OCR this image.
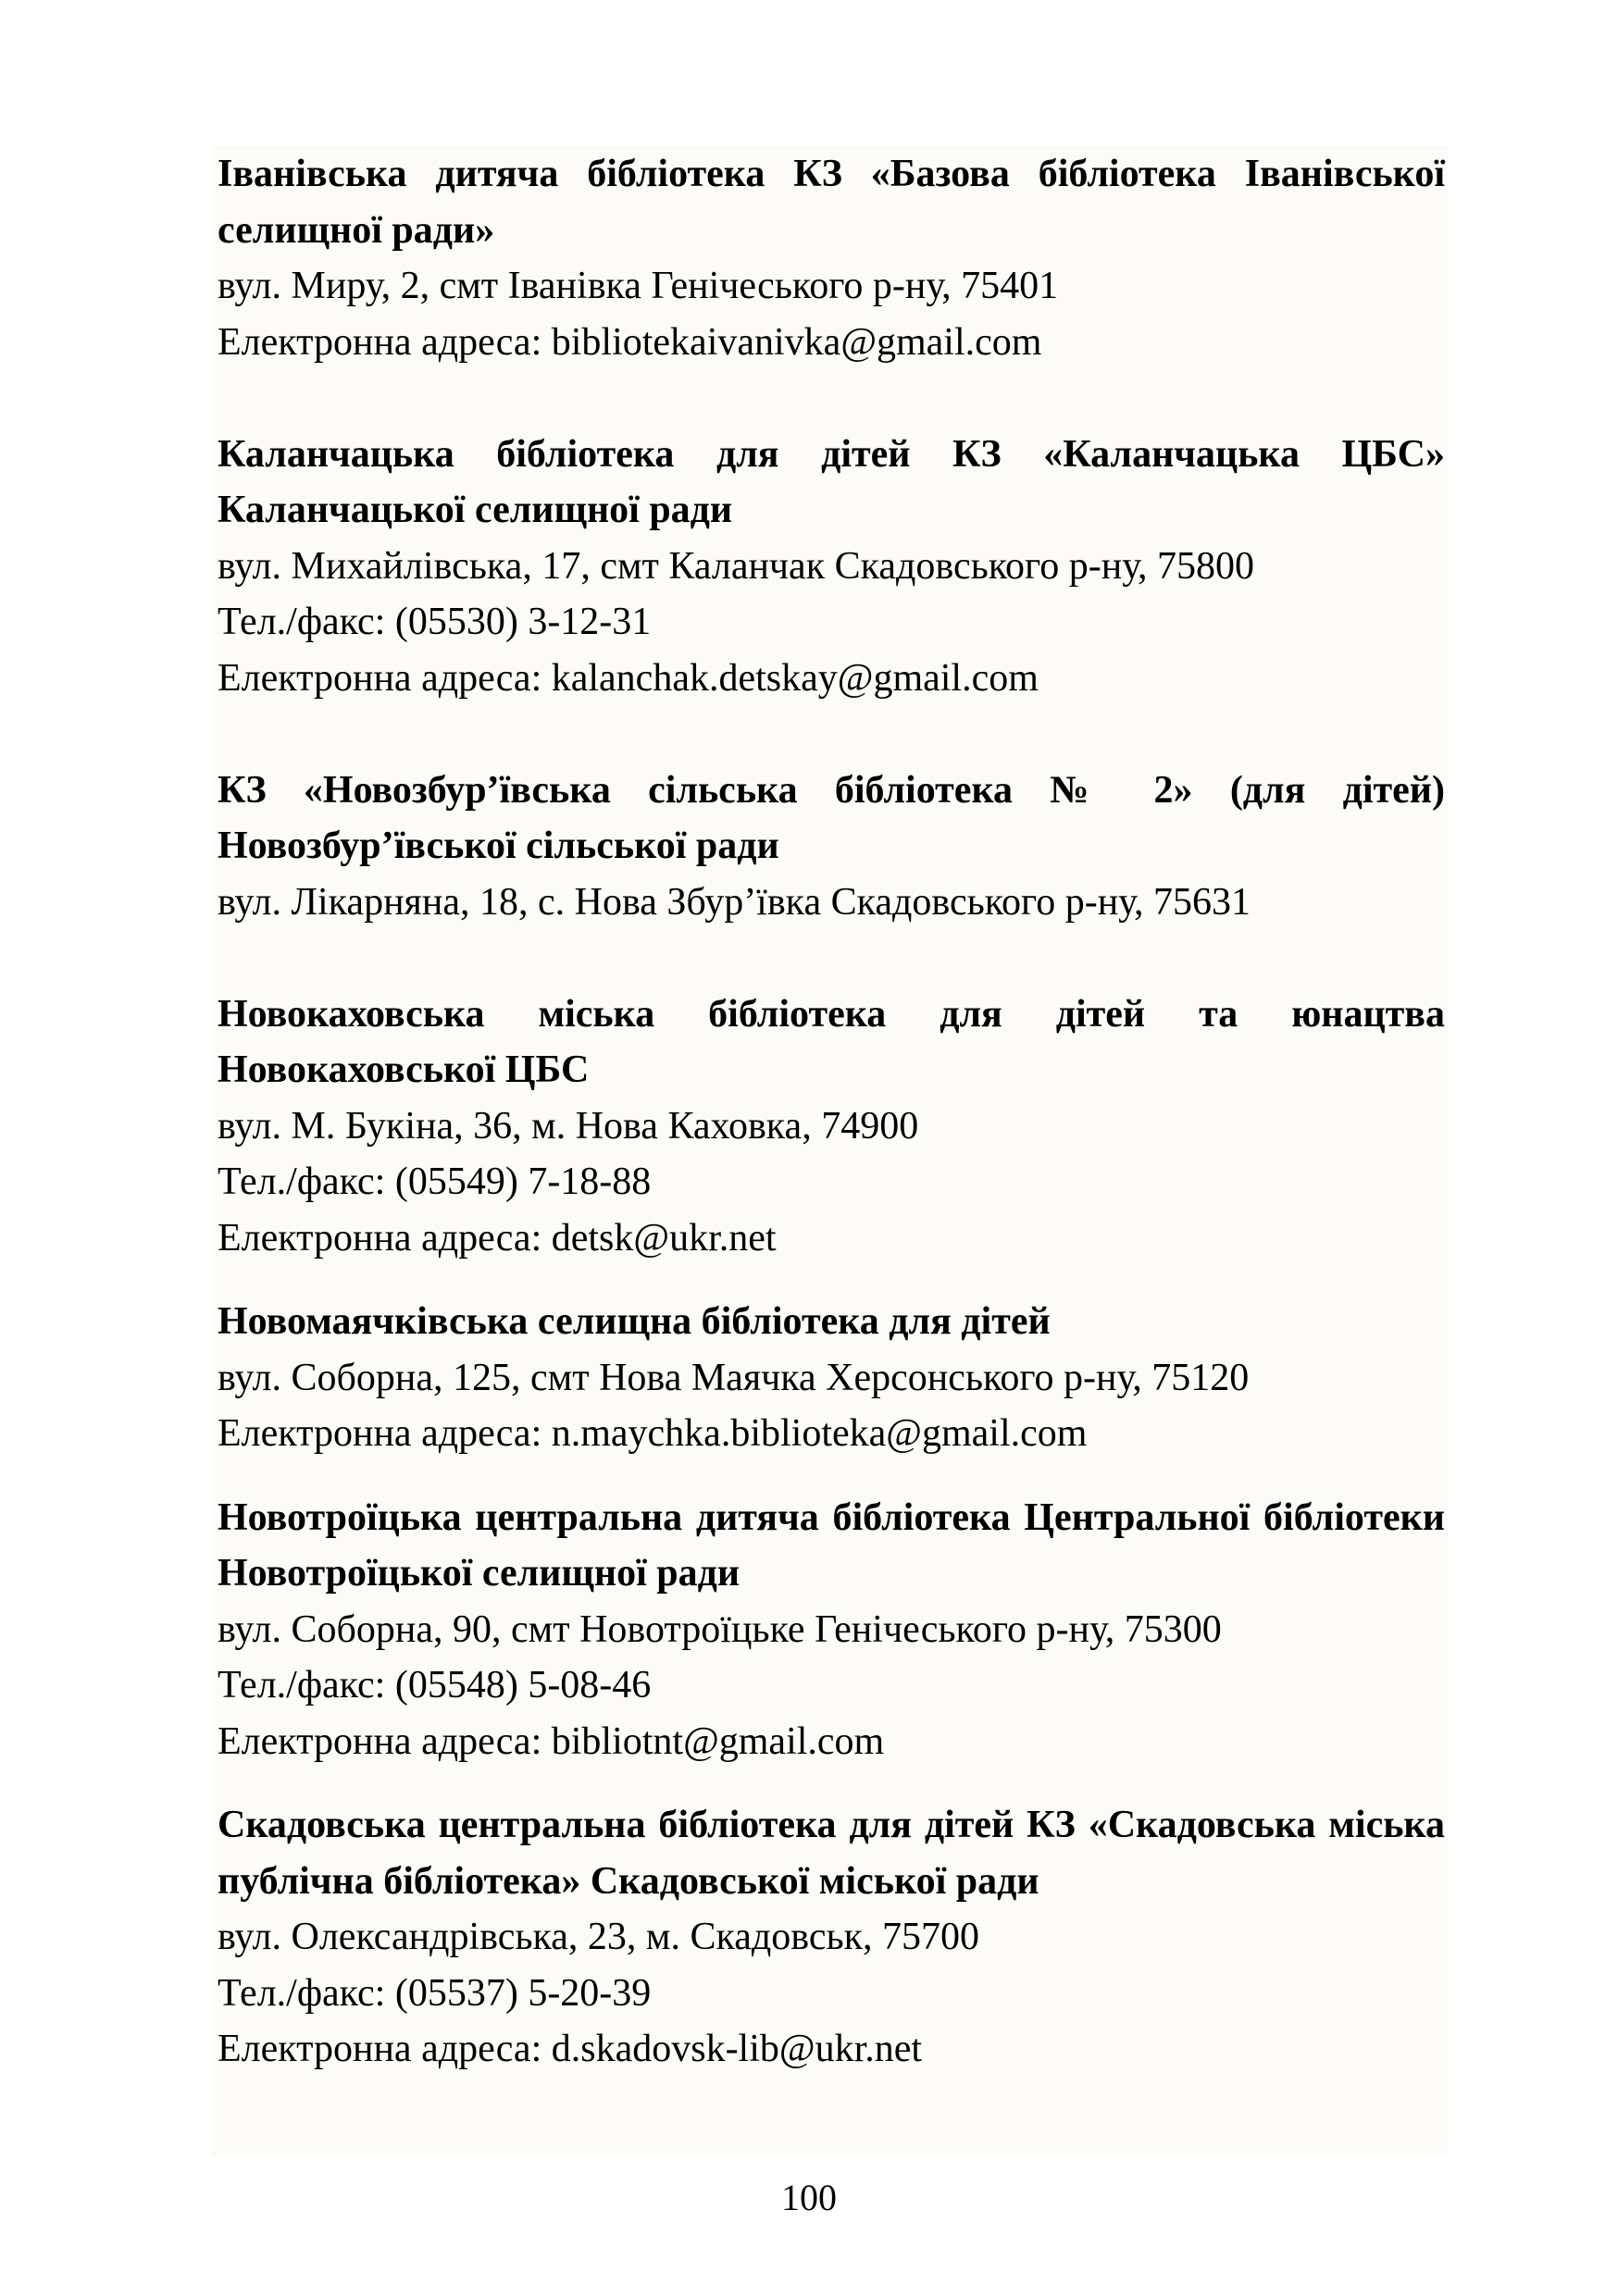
Іванівська дитяча бібліотека КЗ «Базова бібліотека Іванівської селищної ради»
вул. Миру, 2, смт Іванівка Генічеського р-ну, 75401
Електронна адреса: bibliotekaivanivka@gmail.com
Каланчацька бібліотека для дітей КЗ «Каланчацька ЦБС» Каланчацької селищної ради
вул. Михайлівська, 17, смт Каланчак Скадовського р-ну, 75800
Тел./факс: (05530) 3-12-31
Електронна адреса: kalanchak.detskay@gmail.com
КЗ «Новозбур’ївська сільська бібліотека № 2» (для дітей) Новозбур’ївської сільської ради
вул. Лікарняна, 18, с. Нова Збур’ївка Скадовського р-ну, 75631
Новокаховська міська бібліотека для дітей та юнацтва Новокаховської ЦБС
вул. М. Букіна, 36, м. Нова Каховка, 74900
Тел./факс: (05549) 7-18-88
Електронна адреса: detsk@ukr.net
Новомаячківська селищна бібліотека для дітей
вул. Соборна, 125, смт Нова Маячка Херсонського р-ну, 75120
Електронна адреса: n.maychka.biblioteka@gmail.com
Новотроїцька центральна дитяча бібліотека Центральної бібліотеки Новотроїцької селищної ради
вул. Соборна, 90, смт Новотроїцьке Генічеського р-ну, 75300
Тел./факс: (05548) 5-08-46
Електронна адреса: bibliotnt@gmail.com
Скадовська центральна бібліотека для дітей КЗ «Скадовська міська публічна бібліотека» Скадовської міської ради
вул. Олександрівська, 23, м. Скадовськ, 75700
Тел./факс: (05537) 5-20-39
Електронна адреса: d.skadovsk-lib@ukr.net
100
